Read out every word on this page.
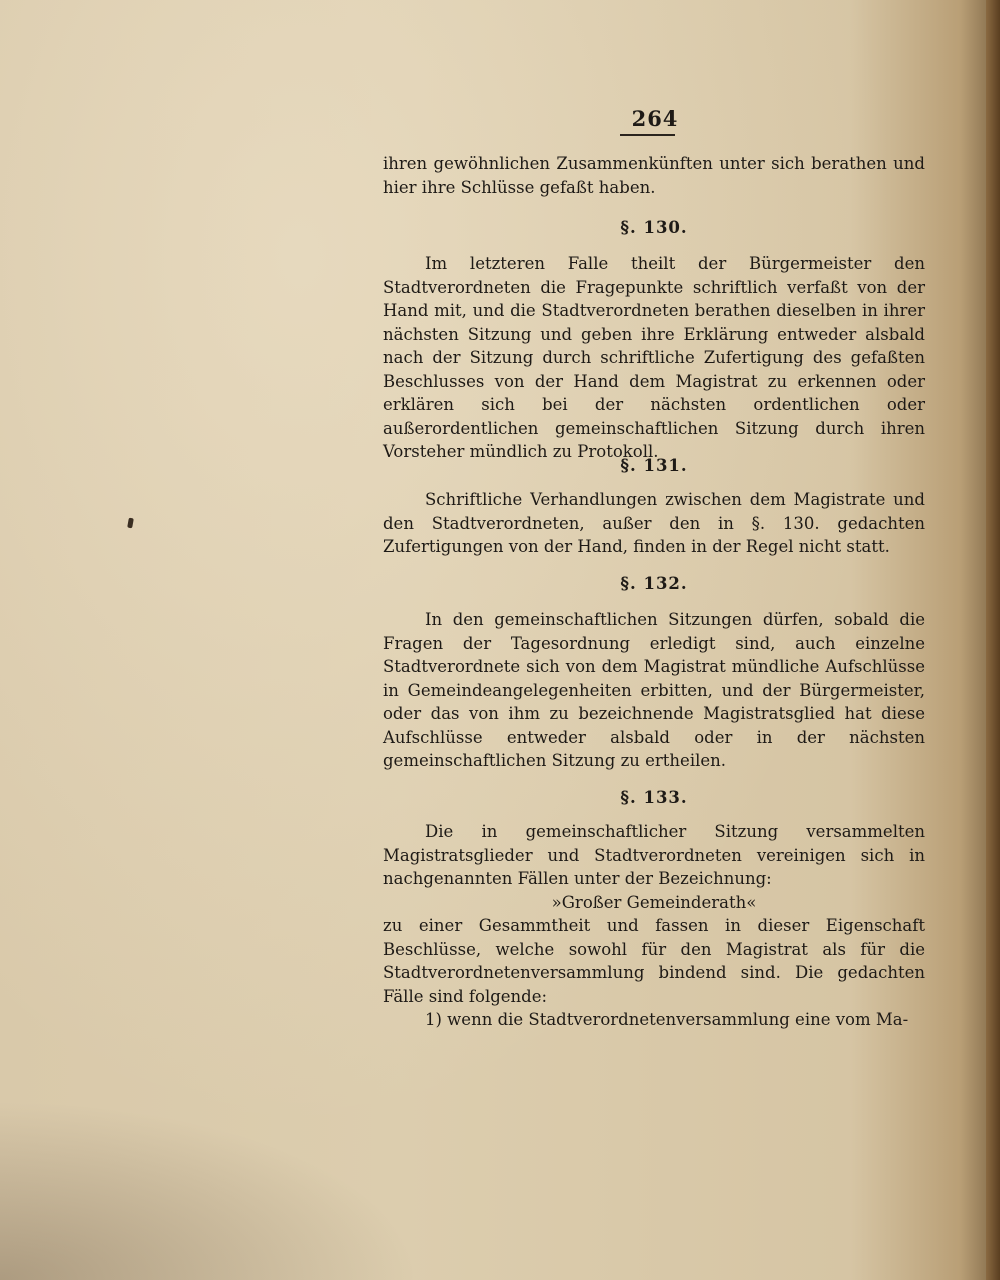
264

ihren gewöhnlichen Zusammenkünften unter sich berathen und hier ihre Schlüsse gefaßt haben.

§. 130.

Im letzteren Falle theilt der Bürgermeister den Stadtverordneten die Fragepunkte schriftlich verfaßt von der Hand mit, und die Stadtverordneten berathen dieselben in ihrer nächsten Sitzung und geben ihre Erklärung entweder alsbald nach der Sitzung durch schriftliche Zufertigung des gefaßten Beschlusses von der Hand dem Magistrat zu erkennen oder erklären sich bei der nächsten ordentlichen oder außerordentlichen gemeinschaftlichen Sitzung durch ihren Vorsteher mündlich zu Protokoll.

§. 131.

Schriftliche Verhandlungen zwischen dem Magistrate und den Stadtverordneten, außer den in §. 130. gedachten Zufertigungen von der Hand, finden in der Regel nicht statt.

§. 132.

In den gemeinschaftlichen Sitzungen dürfen, sobald die Fragen der Tagesordnung erledigt sind, auch einzelne Stadtverordnete sich von dem Magistrat mündliche Aufschlüsse in Gemeindeangelegenheiten erbitten, und der Bürgermeister, oder das von ihm zu bezeichnende Magistratsglied hat diese Aufschlüsse entweder alsbald oder in der nächsten gemeinschaftlichen Sitzung zu ertheilen.

§. 133.

Die in gemeinschaftlicher Sitzung versammelten Magistratsglieder und Stadtverordneten vereinigen sich in nachgenannten Fällen unter der Bezeichnung:

»Großer Gemeinderath«

zu einer Gesammtheit und fassen in dieser Eigenschaft Beschlüsse, welche sowohl für den Magistrat als für die Stadtverordnetenversammlung bindend sind. Die gedachten Fälle sind folgende:

1) wenn die Stadtverordnetenversammlung eine vom Ma-
